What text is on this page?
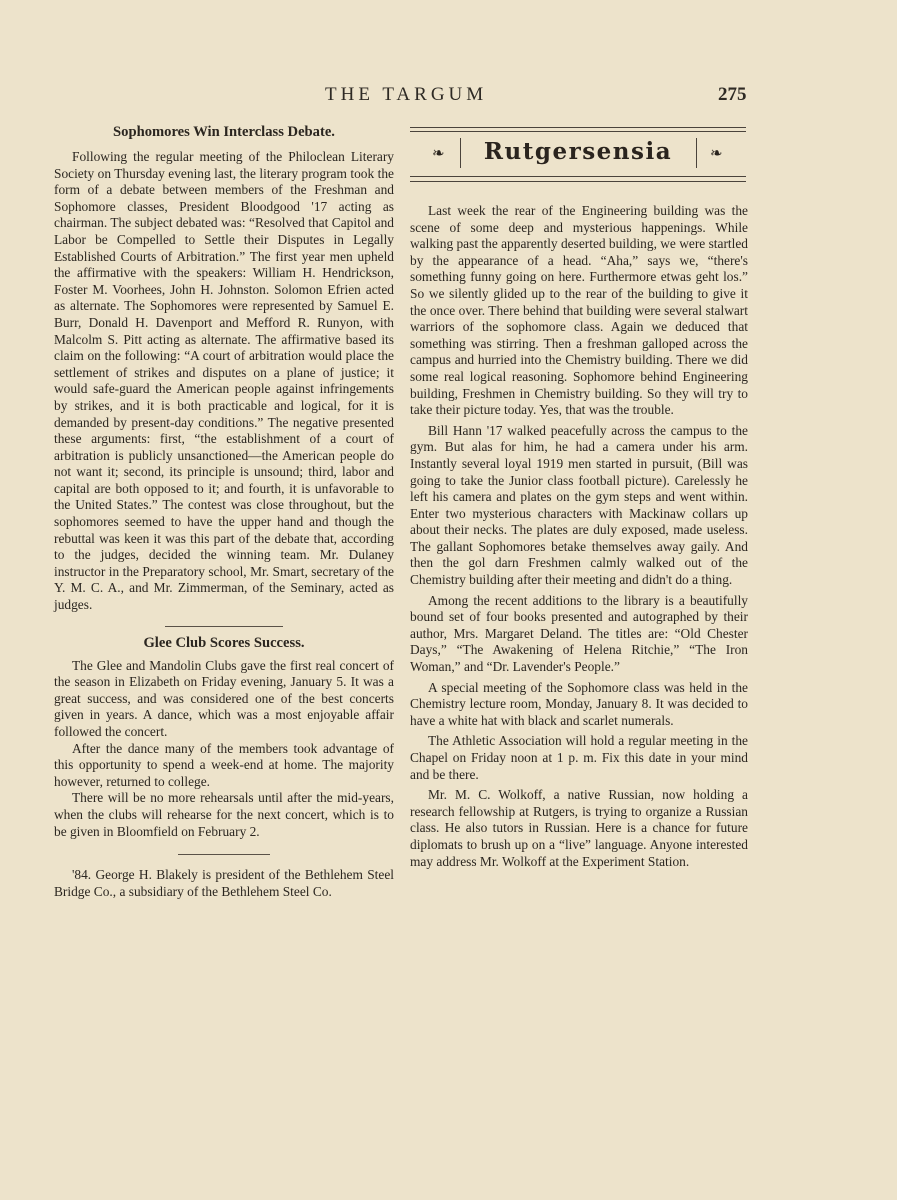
THE TARGUM	275
Sophomores Win Interclass Debate.

Following the regular meeting of the Philoclean Literary Society on Thursday evening last, the literary program took the form of a debate between members of the Freshman and Sophomore classes, President Bloodgood '17 acting as chairman. The subject debated was: “Resolved that Capitol and Labor be Compelled to Settle their Disputes in Legally Established Courts of Arbitration.” The first year men upheld the affirmative with the speakers: William H. Hendrickson, Foster M. Voorhees, John H. Johnston. Solomon Efrien acted as alternate. The Sophomores were represented by Samuel E. Burr, Donald H. Davenport and Mefford R. Runyon, with Malcolm S. Pitt acting as alternate. The affirmative based its claim on the following: “A court of arbitration would place the settlement of strikes and disputes on a plane of justice; it would safe-guard the American people against infringements by strikes, and it is both practicable and logical, for it is demanded by present-day conditions.” The negative presented these arguments: first, “the establishment of a court of arbitration is publicly unsanctioned—the American people do not want it; second, its principle is unsound; third, labor and capital are both opposed to it; and fourth, it is unfavorable to the United States.” The contest was close throughout, but the sophomores seemed to have the upper hand and though the rebuttal was keen it was this part of the debate that, according to the judges, decided the winning team. Mr. Dulaney instructor in the Preparatory school, Mr. Smart, secretary of the Y. M. C. A., and Mr. Zimmerman, of the Seminary, acted as judges.

Glee Club Scores Success.

The Glee and Mandolin Clubs gave the first real concert of the season in Elizabeth on Friday evening, January 5. It was a great success, and was considered one of the best concerts given in years. A dance, which was a most enjoyable affair followed the concert.

After the dance many of the members took advantage of this opportunity to spend a week-end at home. The majority however, returned to college.

There will be no more rehearsals until after the mid-years, when the clubs will rehearse for the next concert, which is to be given in Bloomfield on February 2.

'84. George H. Blakely is president of the Bethlehem Steel Bridge Co., a subsidiary of the Bethlehem Steel Co.

❧ Rutgersensia	❧

Last week the rear of the Engineering building was the scene of some deep and mysterious happenings. While walking past the apparently deserted building, we were startled by the appearance of a head. “Aha,” says we, “there's something funny going on here. Furthermore etwas geht los.” So we silently glided up to the rear of the building to give it the once over. There behind that building were several stalwart warriors of the sophomore class. Again we deduced that something was stirring. Then a freshman galloped across the campus and hurried into the Chemistry building. There we did some real logical reasoning. Sophomore behind Engineering building, Freshmen in Chemistry building. So they will try to take their picture today. Yes, that was the trouble.

Bill Hann '17 walked peacefully across the campus to the gym. But alas for him, he had a camera under his arm. Instantly several loyal 1919 men started in pursuit, (Bill was going to take the Junior class football picture). Carelessly he left his camera and plates on the gym steps and went within. Enter two mysterious characters with Mackinaw collars up about their necks. The plates are duly exposed, made useless. The gallant Sophomores betake themselves away gaily. And then the gol darn Freshmen calmly walked out of the Chemistry building after their meeting and didn't do a thing.

Among the recent additions to the library is a beautifully bound set of four books presented and autographed by their author, Mrs. Margaret Deland. The titles are: “Old Chester Days,” “The Awakening of Helena Ritchie,” “The Iron Woman,” and “Dr. Lavender's People.”

A special meeting of the Sophomore class was held in the Chemistry lecture room, Monday, January 8. It was decided to have a white hat with black and scarlet numerals.

The Athletic Association will hold a regular meeting in the Chapel on Friday noon at 1 p. m. Fix this date in your mind and be there.

Mr. M. C. Wolkoff, a native Russian, now holding a research fellowship at Rutgers, is trying to organize a Russian class. He also tutors in Russian. Here is a chance for future diplomats to brush up on a “live” language. Anyone interested may address Mr. Wolkoff at the Experiment Station.
